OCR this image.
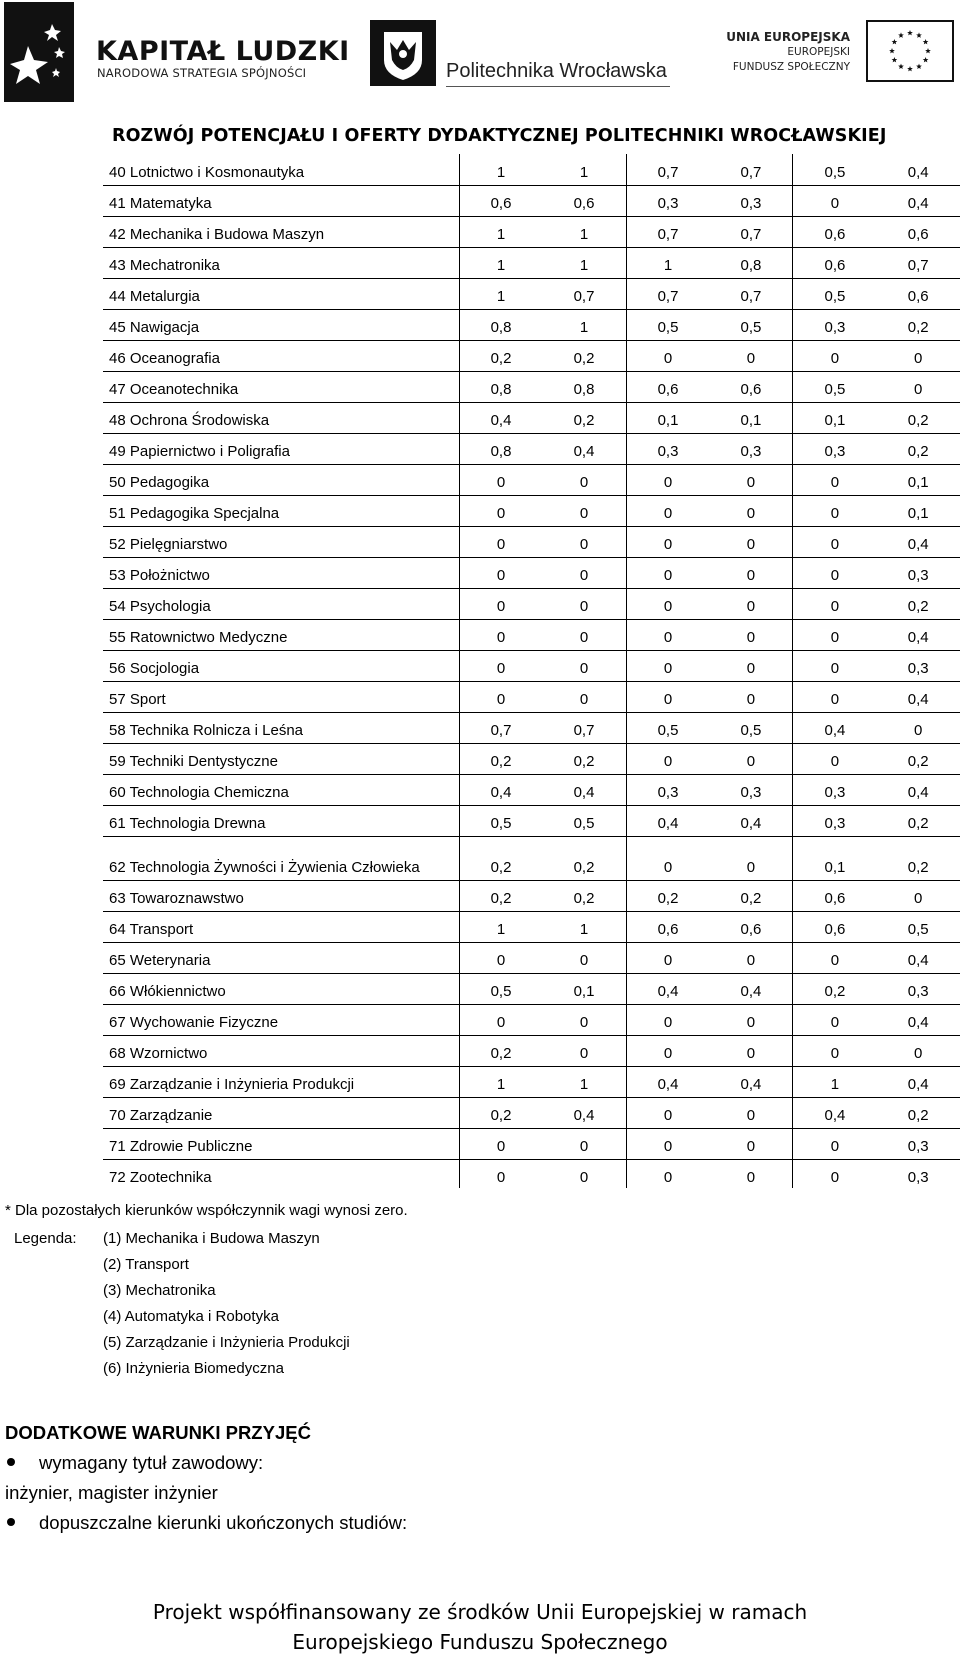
KAPITAŁ LUDZKI
NARODOWA STRATEGIA SPÓJNOŚCI	Politechnika Wrocławska
UNIA EUROPEJSKA
EUROPEJSKI
FUNDUSZ SPOŁECZNY
ROZWÓJ POTENCJAŁU I OFERTY DYDAKTYCZNEJ POLITECHNIKI WROCŁAWSKIEJ
40 Lotnictwo i Kosmonautyka	1	1	0,7	0,7	0,5	0,4
41 Matematyka	0,6	0,6	0,3	0,3	0	0,4
42 Mechanika i Budowa Maszyn	1	1	0,7	0,7	0,6	0,6
43 Mechatronika	1	1	1	0,8	0,6	0,7
44 Metalurgia	1	0,7	0,7	0,7	0,5	0,6
45 Nawigacja	0,8	1	0,5	0,5	0,3	0,2
46 Oceanografia	0,2	0,2	0	0	0	0
47 Oceanotechnika	0,8	0,8	0,6	0,6	0,5	0
48 Ochrona Środowiska	0,4	0,2	0,1	0,1	0,1	0,2
49 Papiernictwo i Poligrafia	0,8	0,4	0,3	0,3	0,3	0,2
50 Pedagogika	0	0	0	0	0	0,1
51 Pedagogika Specjalna	0	0	0	0	0	0,1
52 Pielęgniarstwo	0	0	0	0	0	0,4
53 Położnictwo	0	0	0	0	0	0,3
54 Psychologia	0	0	0	0	0	0,2
55 Ratownictwo Medyczne	0	0	0	0	0	0,4
56 Socjologia	0	0	0	0	0	0,3
57 Sport	0	0	0	0	0	0,4
58 Technika Rolnicza i Leśna	0,7	0,7	0,5	0,5	0,4	0
59 Techniki Dentystyczne	0,2	0,2	0	0	0	0,2
60 Technologia Chemiczna	0,4	0,4	0,3	0,3	0,3	0,4
61 Technologia Drewna	0,5	0,5	0,4	0,4	0,3	0,2
62 Technologia Żywności i Żywienia Człowieka	0,2	0,2	0	0	0,1	0,2
63 Towaroznawstwo	0,2	0,2	0,2	0,2	0,6	0
64 Transport	1	1	0,6	0,6	0,6	0,5
65 Weterynaria	0	0	0	0	0	0,4
66 Włókiennictwo	0,5	0,1	0,4	0,4	0,2	0,3
67 Wychowanie Fizyczne	0	0	0	0	0	0,4
68 Wzornictwo	0,2	0	0	0	0	0
69 Zarządzanie i Inżynieria Produkcji	1	1	0,4	0,4	1	0,4
70 Zarządzanie	0,2	0,4	0	0	0,4	0,2
71 Zdrowie Publiczne	0	0	0	0	0	0,3
72 Zootechnika	0	0	0	0	0	0,3
* Dla pozostałych kierunków współczynnik wagi wynosi zero.
Legenda: (1) Mechanika i Budowa Maszyn
(2) Transport
(3) Mechatronika
(4) Automatyka i Robotyka
(5) Zarządzanie i Inżynieria Produkcji
(6) Inżynieria Biomedyczna
DODATKOWE WARUNKI PRZYJĘĆ
wymagany tytuł zawodowy:
inżynier, magister inżynier
dopuszczalne kierunki ukończonych studiów:
Projekt współfinansowany ze środków Unii Europejskiej w ramach
Europejskiego Funduszu Społecznego
